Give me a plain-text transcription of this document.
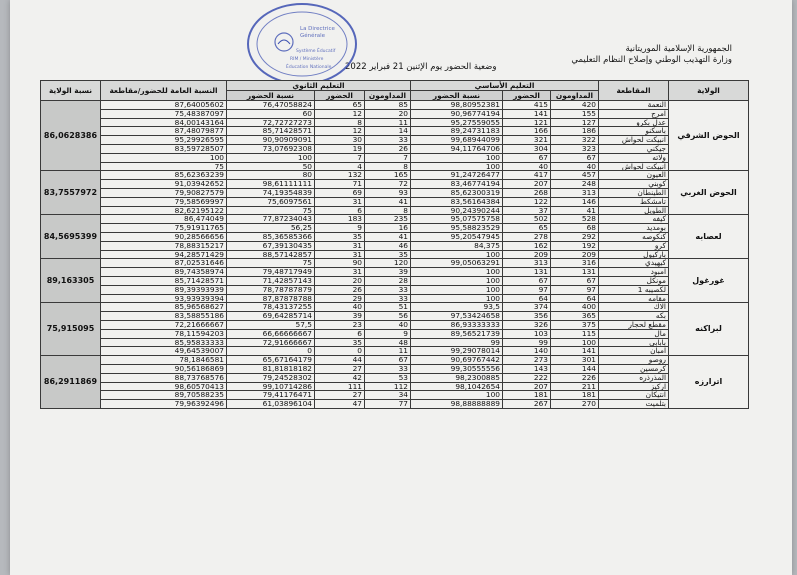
الجمهورية الإسلامية الموريتانية
وزارة التهذيب الوطني وإصلاح النظام التعليمي
وضعية الحضور يوم الإثنين 21 فبراير 2022
La Directrice
Générale
Système Éducatif
RIM / Ministère
Éducation Nationale
نسبة الولاية	النسبة العامة للحضور/مقاطعة	التعليم الثانوي			التعليم الأساسي			المقاطعة	الولاية
		نسبة الحضور	الحضور	المداومون	نسبة الحضور	الحضور	المداومون		
86,0628386	87,64005602	76,47058824	65	85	98,80952381	415	420	النعمة	الحوض الشرقي
	75,48387097	60	12	20	90,96774194	141	155	امرج	
	84,00143164	72,72727273	8	11	95,27559055	121	127	عدل بكرو	
	87,48079877	85,71428571	12	14	89,24731183	166	186	باسكنو	
	95,29926595	90,90909091	30	33	99,68944099	321	322	انبيكت لحواش	
	83,59728507	73,07692308	19	26	94,11764706	304	323	جيكني	
	100	100	7	7	100	67	67	ولاته	
	75	50	4	8	100	40	40	انبيكت لحواش	
83,7557972	85,62363239	80	132	165	91,24726477	417	457	العيون	الحوض الغربي
	91,03942652	98,61111111	71	72	83,46774194	207	248	كوبني	
	79,90827579	74,19354839	69	93	85,62300319	268	313	الطينطان	
	79,58569997	75,6097561	31	41	83,56164384	122	146	تامشكط	
	82,62195122	75	6	8	90,24390244	37	41	الطويل	
84,5695399	86,474049	77,87234043	183	235	95,07575758	502	528	كيفه	لعصابه
	75,91911765	56,25	9	16	95,58823529	65	68	بومديد	
	90,28566656	85,36585366	35	41	95,20547945	278	292	كنكوصه	
	78,88315217	67,39130435	31	46	84,375	162	192	كرو	
	94,28571429	88,57142857	31	35	100	209	209	باركيول	
89,163305	87,02531646	75	90	120	99,05063291	313	316	كيهيدي	غورغول
	89,74358974	79,48717949	31	39	100	131	131	امبود	
	85,71428571	71,42857143	20	28	100	67	67	مونكل	
	89,39393939	78,78787879	26	33	100	97	97	لكصيبه 1	
	93,93939394	87,87878788	29	33	100	64	64	مقامه	
75,915095	85,96568627	78,43137255	40	51	93,5	374	400	الاك	لبراكنه
	83,58855186	69,64285714	39	56	97,53424658	356	365	بكه	
	72,21666667	57,5	23	40	86,93333333	326	375	مقطع لحجار	
	78,11594203	66,66666667	6	9	89,56521739	103	115	مال	
	85,95833333	72,91666667	35	48	99	99	100	بابابي	
	49,64539007	0	0	11	99,29078014	140	141	امبان	
86,2911869	78,1846581	65,67164179	44	67	90,69767442	273	301	روصو	اترارزه
	90,56186869	81,81818182	27	33	99,30555556	143	144	كرمسين	
	88,73768576	79,24528302	42	53	98,2300885	222	226	المذرذره	
	98,60570413	99,10714286	111	112	98,1042654	207	211	اركيز	
	89,70588235	79,41176471	27	34	100	181	181	انتيكان	
	79,96392496	61,03896104	47	77	98,88888889	267	270	بتلميت	
